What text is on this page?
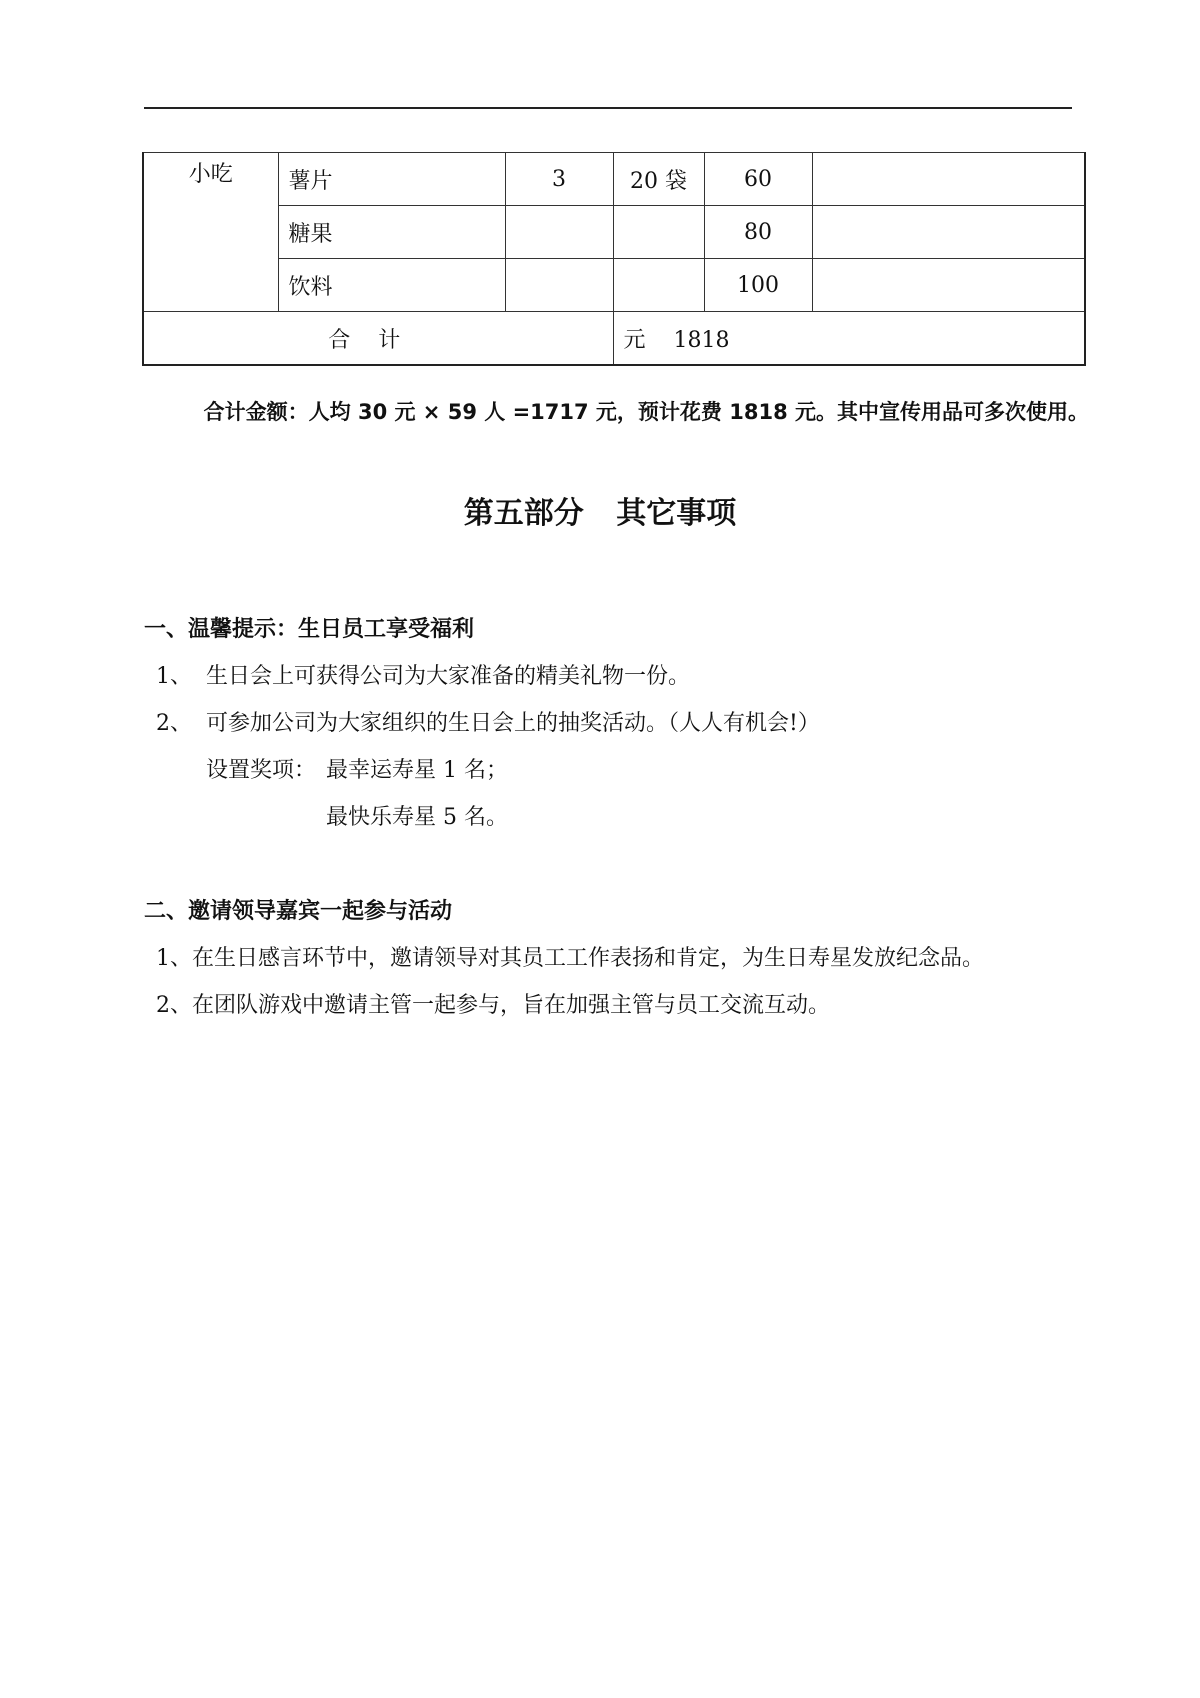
小吃	薯片	3	20 袋	60	
	糖果			80	
	饮料			100	
合计			元 1818		
合计金额：人均 30 元 × 59 人 =1717 元，预计花费 1818 元。其中宣传用品可多次使用。
第五部分 其它事项
一、温馨提示：生日员工享受福利
1、 生日会上可获得公司为大家准备的精美礼物一份。
2、 可参加公司为大家组织的生日会上的抽奖活动。（人人有机会!）
设置奖项： 最幸运寿星 1 名；
最快乐寿星 5 名。
二、邀请领导嘉宾一起参与活动
1、在生日感言环节中，邀请领导对其员工工作表扬和肯定，为生日寿星发放纪念品。
2、在团队游戏中邀请主管一起参与，旨在加强主管与员工交流互动。
